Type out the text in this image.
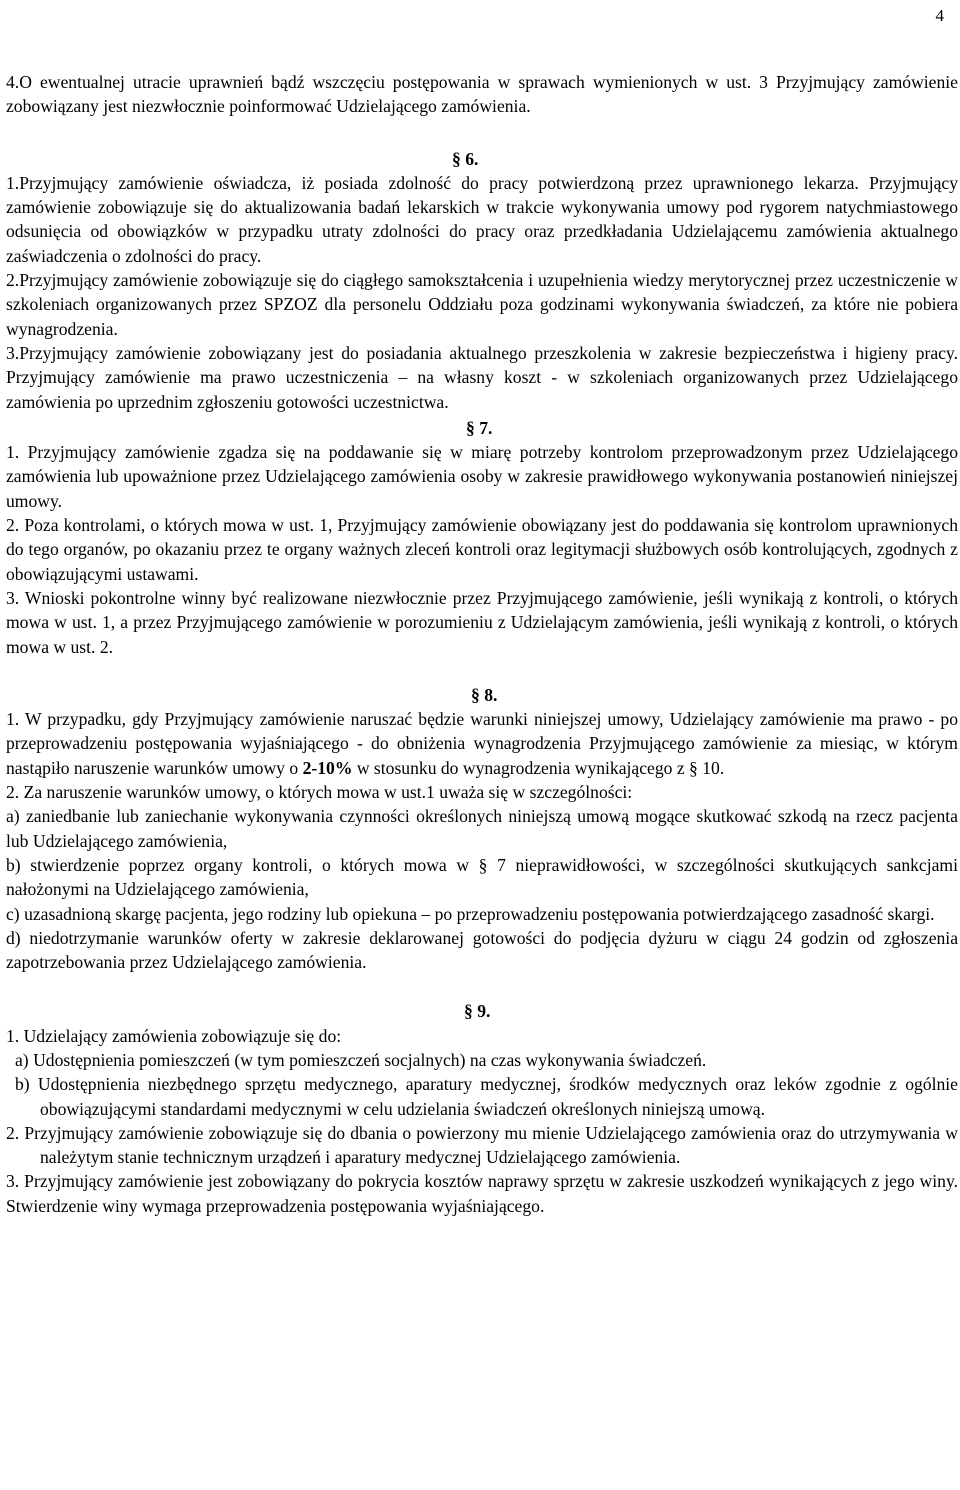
4

4.O ewentualnej utracie uprawnień bądź wszczęciu postępowania w sprawach wymienionych w ust. 3 Przyjmujący zamówienie zobowiązany jest niezwłocznie poinformować Udzielającego zamówienia.

§ 6.

1.Przyjmujący zamówienie oświadcza, iż posiada zdolność do pracy potwierdzoną przez uprawnionego lekarza. Przyjmujący zamówienie zobowiązuje się do aktualizowania badań lekarskich w trakcie wykonywania umowy pod rygorem natychmiastowego odsunięcia od obowiązków w przypadku utraty zdolności do pracy oraz przedkładania Udzielającemu zamówienia aktualnego zaświadczenia o zdolności do pracy.

2.Przyjmujący zamówienie zobowiązuje się do ciągłego samokształcenia i uzupełnienia wiedzy merytorycznej przez uczestniczenie w szkoleniach organizowanych przez SPZOZ dla personelu Oddziału poza godzinami wykonywania świadczeń, za które nie pobiera wynagrodzenia.

3.Przyjmujący zamówienie zobowiązany jest do posiadania aktualnego przeszkolenia w zakresie bezpieczeństwa i higieny pracy. Przyjmujący zamówienie ma prawo uczestniczenia – na własny koszt - w szkoleniach organizowanych przez Udzielającego zamówienia po uprzednim zgłoszeniu gotowości uczestnictwa.

§ 7.

1. Przyjmujący zamówienie zgadza się na poddawanie się w miarę potrzeby kontrolom przeprowadzonym przez Udzielającego zamówienia lub upoważnione przez Udzielającego zamówienia osoby w zakresie prawidłowego wykonywania postanowień niniejszej umowy.

2. Poza kontrolami, o których mowa w ust. 1, Przyjmujący zamówienie obowiązany jest do poddawania się kontrolom uprawnionych do tego organów, po okazaniu przez te organy ważnych zleceń kontroli oraz legitymacji służbowych osób kontrolujących, zgodnych z obowiązującymi ustawami.

3. Wnioski pokontrolne winny być realizowane niezwłocznie przez Przyjmującego zamówienie, jeśli wynikają z kontroli, o których mowa w ust. 1, a przez Przyjmującego zamówienie w porozumieniu z Udzielającym zamówienia, jeśli wynikają z kontroli, o których mowa w ust. 2.

§ 8.

1. W przypadku, gdy Przyjmujący zamówienie naruszać będzie warunki niniejszej umowy, Udzielający zamówienie ma prawo - po przeprowadzeniu postępowania wyjaśniającego - do obniżenia wynagrodzenia Przyjmującego zamówienie za miesiąc, w którym nastąpiło naruszenie warunków umowy o 2-10% w stosunku do wynagrodzenia wynikającego z § 10.

2. Za naruszenie warunków umowy, o których mowa w ust.1 uważa się w szczególności:

a) zaniedbanie lub zaniechanie wykonywania czynności określonych niniejszą umową mogące skutkować szkodą na rzecz pacjenta lub Udzielającego zamówienia,

b) stwierdzenie poprzez organy kontroli, o których mowa w § 7 nieprawidłowości, w szczególności skutkujących sankcjami nałożonymi na Udzielającego zamówienia,

c) uzasadnioną skargę pacjenta, jego rodziny lub opiekuna – po przeprowadzeniu postępowania potwierdzającego zasadność skargi.

d) niedotrzymanie warunków oferty w zakresie deklarowanej gotowości do podjęcia dyżuru w ciągu 24 godzin od zgłoszenia zapotrzebowania przez Udzielającego zamówienia.

§ 9.

1. Udzielający zamówienia zobowiązuje się do:

a) Udostępnienia pomieszczeń (w tym pomieszczeń socjalnych) na czas wykonywania świadczeń.

b) Udostępnienia niezbędnego sprzętu medycznego, aparatury medycznej, środków medycznych oraz leków zgodnie z ogólnie obowiązującymi standardami medycznymi w celu udzielania świadczeń określonych niniejszą umową.

2. Przyjmujący zamówienie zobowiązuje się do dbania o powierzony mu mienie Udzielającego zamówienia oraz do utrzymywania w należytym stanie technicznym urządzeń i aparatury medycznej Udzielającego zamówienia.

3. Przyjmujący zamówienie jest zobowiązany do pokrycia kosztów naprawy sprzętu w zakresie uszkodzeń wynikających z jego winy. Stwierdzenie winy wymaga przeprowadzenia postępowania wyjaśniającego.
